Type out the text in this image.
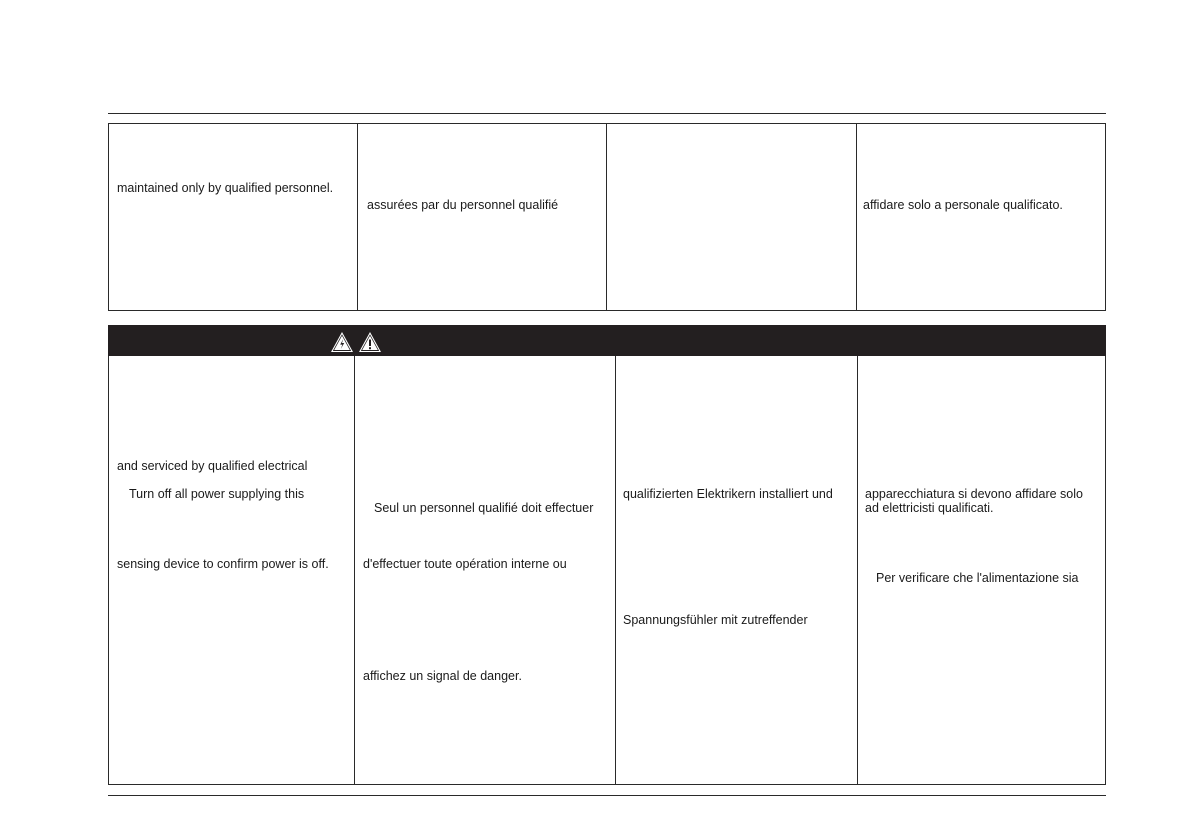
maintained only by qualified personnel.
assurées par du personnel qualifié	affidare solo a personale qualificato.
and serviced by qualified electrical
Turn off all power supplying this
sensing device to confirm power is off.
Seul un personnel qualifié doit effectuer
d'effectuer toute opération interne ou
affichez un signal de danger.
qualifizierten Elektrikern installiert und
Spannungsfühler mit zutreffender
apparecchiatura si devono affidare solo
ad elettricisti qualificati.
Per verificare che l'alimentazione sia
